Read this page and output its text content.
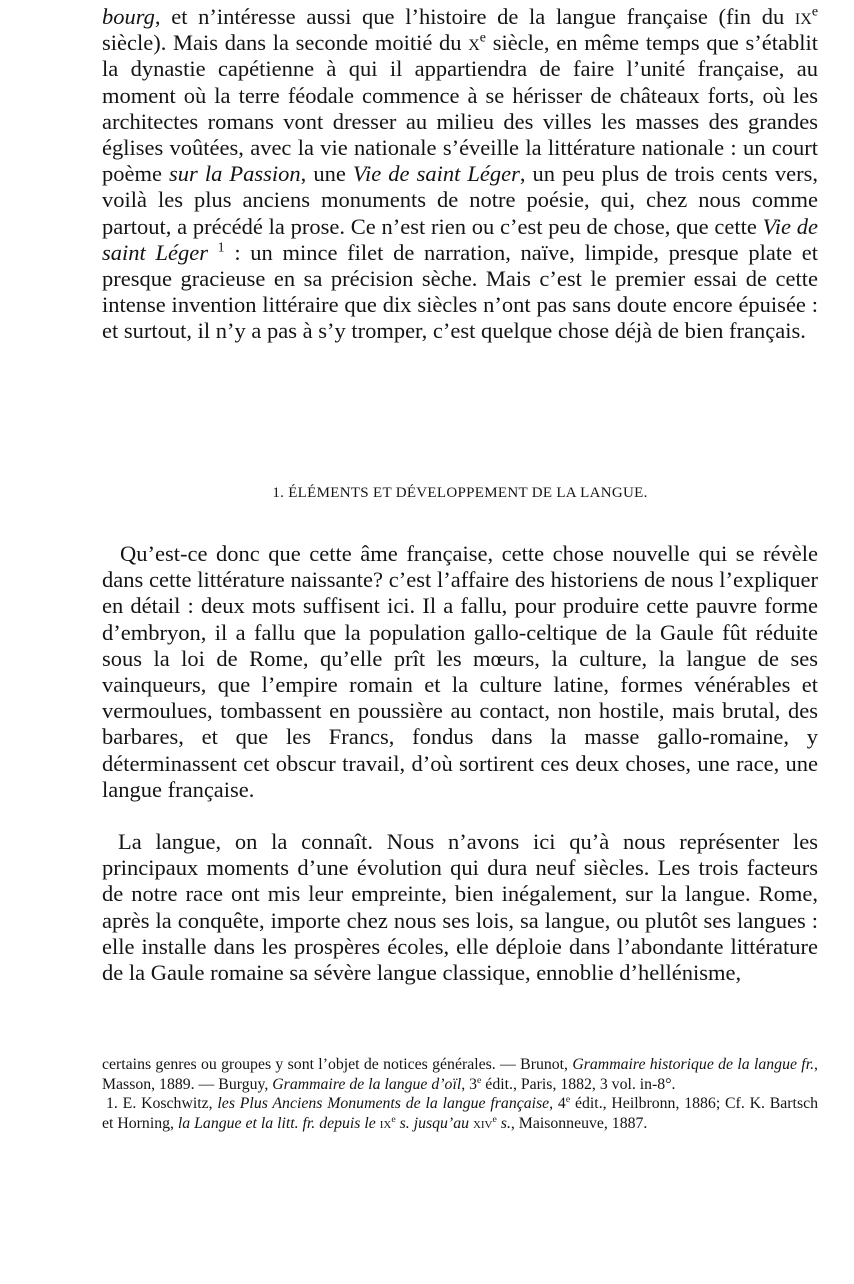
bourg, et n’intéresse aussi que l’histoire de la langue française (fin du $ix^e$ siècle). Mais dans la seconde moitié du $x^e$ siècle, en même temps que s’établit la dynastie capétienne à qui il appartiendra de faire l’unité française, au moment où la terre féodale commence à se hérisser de châteaux forts, où les architectes romans vont dresser au milieu des villes les masses des grandes églises voûtées, avec la vie nationale s’éveille la littérature nationale : un court poème sur la Passion, une Vie de saint Léger, un peu plus de trois cents vers, voilà les plus anciens monuments de notre poésie, qui, chez nous comme partout, a précédé la prose. Ce n’est rien ou c’est peu de chose, que cette Vie de saint Léger $^1$ : un mince filet de narration, naïve, limpide, presque plate et presque gracieuse en sa précision sèche. Mais c’est le premier essai de cette intense invention littéraire que dix siècles n’ont pas sans doute encore épuisée : et surtout, il n’y a pas à s’y tromper, c’est quelque chose déjà de bien français.

1. ÉLÉMENTS ET DÉVELOPPEMENT DE LA LANGUE.

Qu’est-ce donc que cette âme française, cette chose nouvelle qui se révèle dans cette littérature naissante? c’est l’affaire des historiens de nous l’expliquer en détail : deux mots suffisent ici. Il a fallu, pour produire cette pauvre forme d’embryon, il a fallu que la population gallo-celtique de la Gaule fût réduite sous la loi de Rome, qu’elle prît les mœurs, la culture, la langue de ses vainqueurs, que l’empire romain et la culture latine, formes vénérables et vermoulues, tombassent en poussière au contact, non hostile, mais brutal, des barbares, et que les Francs, fondus dans la masse gallo-romaine, y déterminassent cet obscur travail, d’où sortirent ces deux choses, une race, une langue française.

La langue, on la connaît. Nous n’avons ici qu’à nous représenter les principaux moments d’une évolution qui dura neuf siècles. Les trois facteurs de notre race ont mis leur empreinte, bien inégalement, sur la langue. Rome, après la conquête, importe chez nous ses lois, sa langue, ou plutôt ses langues : elle installe dans les prospères écoles, elle déploie dans l’abondante littérature de la Gaule romaine sa sévère langue classique, ennoblie d’hellénisme,

certains genres ou groupes y sont l’objet de notices générales. — Brunot, Grammaire historique de la langue fr., Masson, 1889. — Burguy, Grammaire de la langue d’oïl, 3e édit., Paris, 1882, 3 vol. in-8°.

1. E. Koschwitz, les Plus Anciens Monuments de la langue française, 4e édit., Heilbronn, 1886; Cf. K. Bartsch et Horning, la Langue et la litt. fr. depuis le $ix^e$ s. jusqu’au xiv$^e$ s., Maisonneuve, 1887.
